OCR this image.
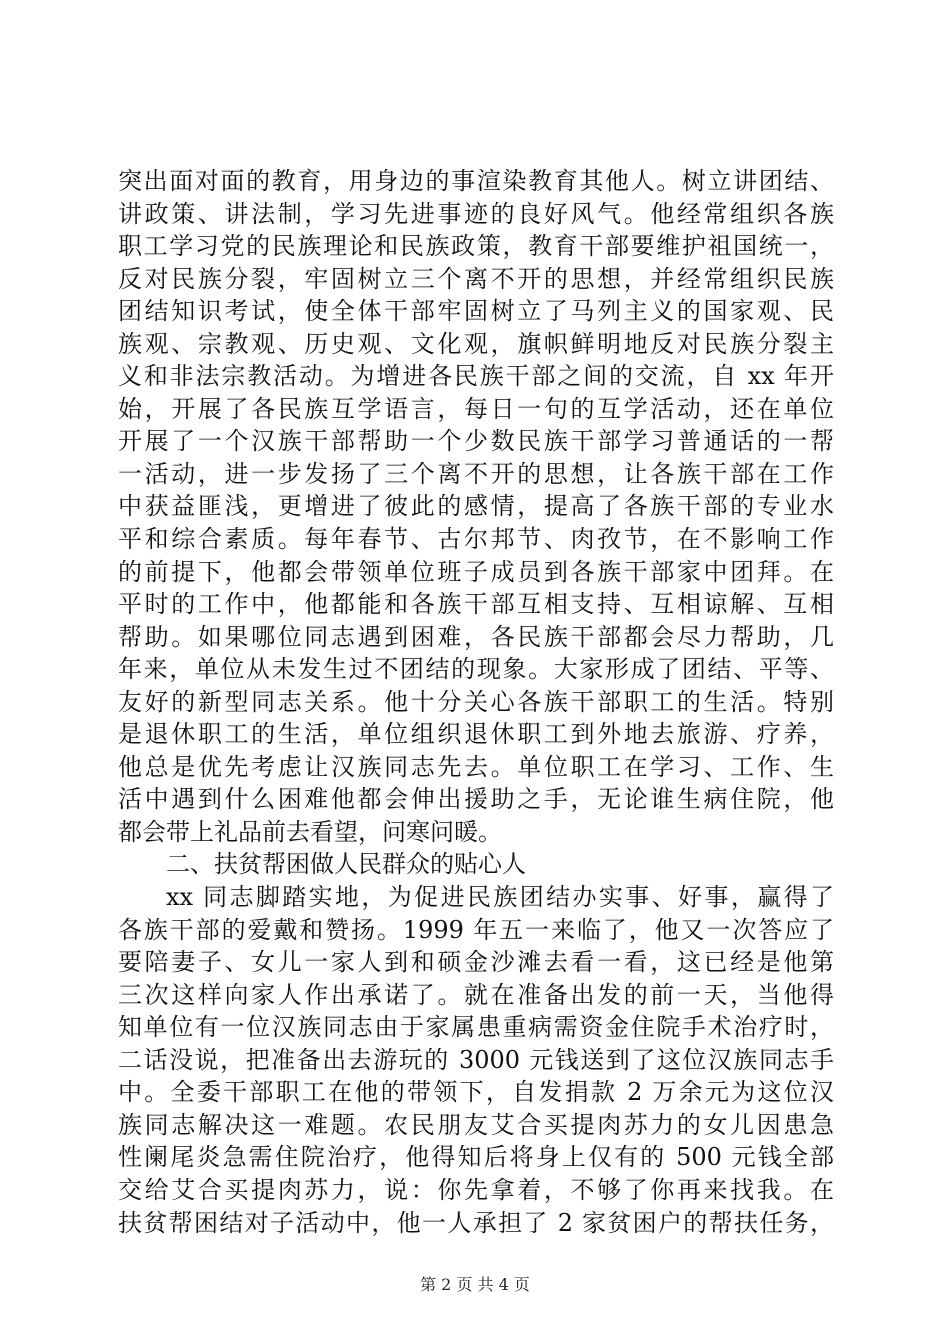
突出面对面的教育，用身边的事渲染教育其他人。树立讲团结、
讲政策、讲法制，学习先进事迹的良好风气。他经常组织各族
职工学习党的民族理论和民族政策，教育干部要维护祖国统一，
反对民族分裂，牢固树立三个离不开的思想，并经常组织民族
团结知识考试，使全体干部牢固树立了马列主义的国家观、民
族观、宗教观、历史观、文化观，旗帜鲜明地反对民族分裂主
义和非法宗教活动。为增进各民族干部之间的交流，自 xx 年开
始，开展了各民族互学语言，每日一句的互学活动，还在单位
开展了一个汉族干部帮助一个少数民族干部学习普通话的一帮
一活动，进一步发扬了三个离不开的思想，让各族干部在工作
中获益匪浅，更增进了彼此的感情，提高了各族干部的专业水
平和综合素质。每年春节、古尔邦节、肉孜节，在不影响工作
的前提下，他都会带领单位班子成员到各族干部家中团拜。在
平时的工作中，他都能和各族干部互相支持、互相谅解、互相
帮助。如果哪位同志遇到困难，各民族干部都会尽力帮助，几
年来，单位从未发生过不团结的现象。大家形成了团结、平等、
友好的新型同志关系。他十分关心各族干部职工的生活。特别
是退休职工的生活，单位组织退休职工到外地去旅游、疗养，
他总是优先考虑让汉族同志先去。单位职工在学习、工作、生
活中遇到什么困难他都会伸出援助之手，无论谁生病住院，他
都会带上礼品前去看望，问寒问暖。
二、扶贫帮困做人民群众的贴心人
xx 同志脚踏实地，为促进民族团结办实事、好事，赢得了
各族干部的爱戴和赞扬。1999 年五一来临了，他又一次答应了
要陪妻子、女儿一家人到和硕金沙滩去看一看，这已经是他第
三次这样向家人作出承诺了。就在准备出发的前一天，当他得
知单位有一位汉族同志由于家属患重病需资金住院手术治疗时，
二话没说，把准备出去游玩的 3000 元钱送到了这位汉族同志手
中。全委干部职工在他的带领下，自发捐款 2 万余元为这位汉
族同志解决这一难题。农民朋友艾合买提肉苏力的女儿因患急
性阑尾炎急需住院治疗，他得知后将身上仅有的 500 元钱全部
交给艾合买提肉苏力，说：你先拿着，不够了你再来找我。在
扶贫帮困结对子活动中，他一人承担了 2 家贫困户的帮扶任务，
第 2 页 共 4 页
